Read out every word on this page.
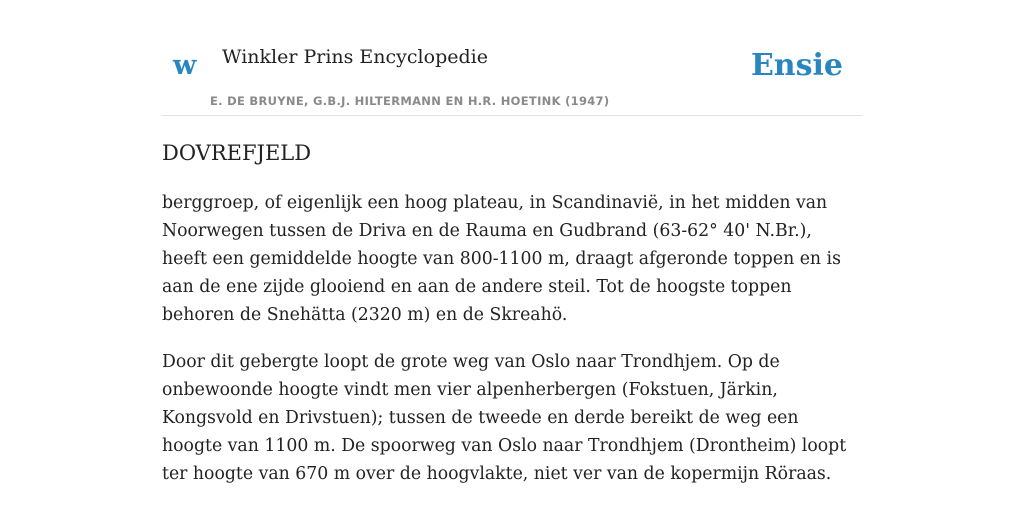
w Winkler Prins Encyclopedie
E. DE BRUYNE, G.B.J. HILTERMANN EN H.R. HOETINK (1947)
Ensie
DOVREFJELD

berggroep, of eigenlijk een hoog plateau, in Scandinavië, in het midden van Noorwegen tussen de Driva en de Rauma en Gudbrand (63-62° 40' N.Br.), heeft een gemiddelde hoogte van 800-1100 m, draagt afgeronde toppen en is aan de ene zijde glooiend en aan de andere steil. Tot de hoogste toppen behoren de Snehätta (2320 m) en de Skreahö.

Door dit gebergte loopt de grote weg van Oslo naar Trondhjem. Op de onbewoonde hoogte vindt men vier alpenherbergen (Fokstuen, Järkin, Kongsvold en Drivstuen); tussen de tweede en derde bereikt de weg een hoogte van 1100 m. De spoorweg van Oslo naar Trondhjem (Drontheim) loopt ter hoogte van 670 m over de hoogvlakte, niet ver van de kopermijn Röraas.
